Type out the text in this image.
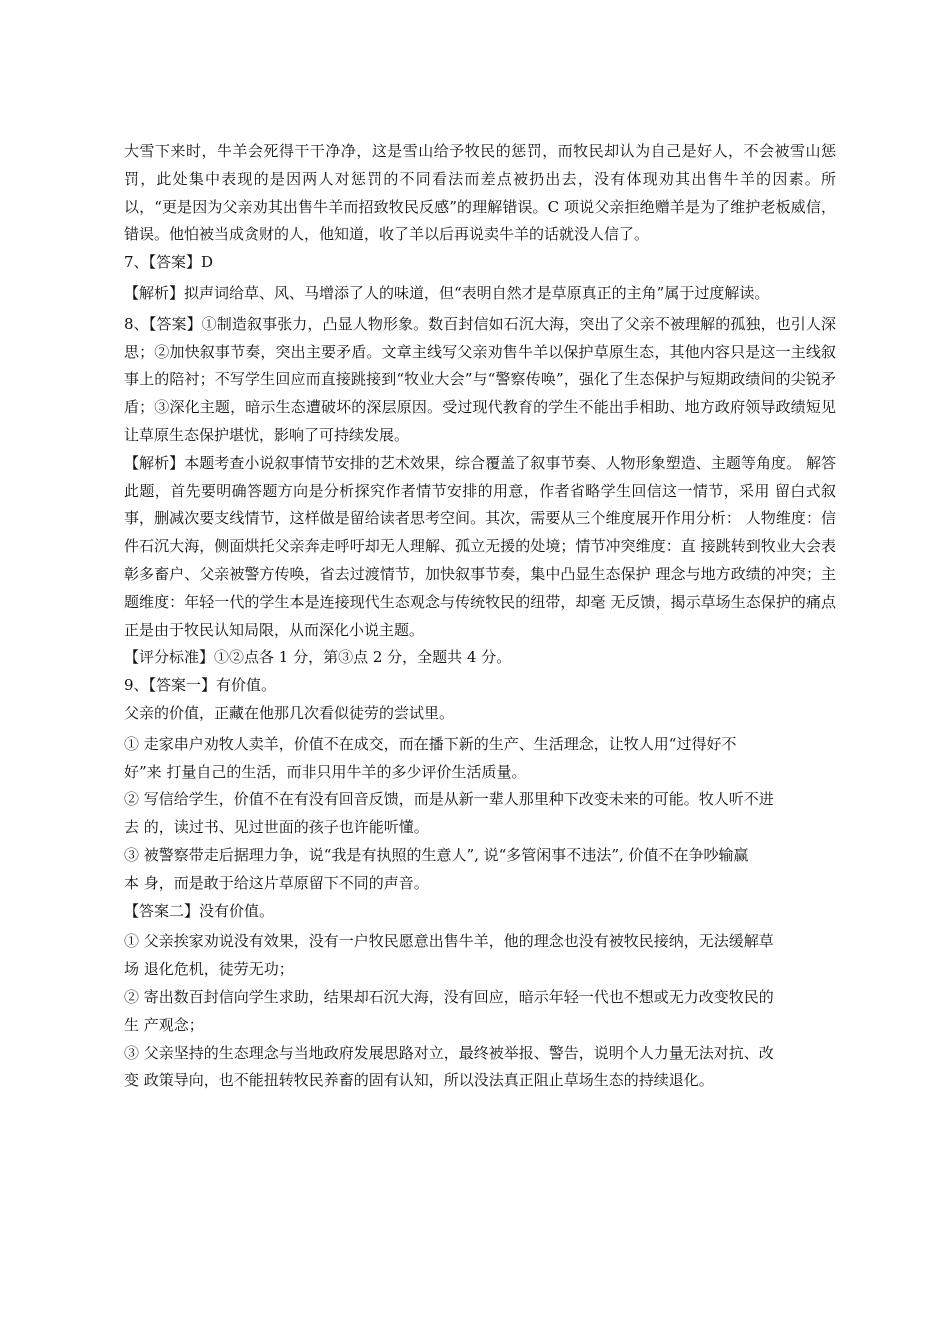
大雪下来时，牛羊会死得干干净净，这是雪山给予牧民的惩罚，而牧民却认为自己是好人，不会被雪山惩罚，此处集中表现的是因两人对惩罚的不同看法而差点被扔出去，没有体现劝其出售牛羊的因素。所以，“更是因为父亲劝其出售牛羊而招致牧民反感”的理解错误。C 项说父亲拒绝赠羊是为了维护老板威信，错误。他怕被当成贪财的人，他知道，收了羊以后再说卖牛羊的话就没人信了。

7、【答案】D

【解析】拟声词给草、风、马增添了人的味道，但“表明自然才是草原真正的主角”属于过度解读。

8、【答案】①制造叙事张力，凸显人物形象。数百封信如石沉大海，突出了父亲不被理解的孤独，也引人深思；②加快叙事节奏，突出主要矛盾。文章主线写父亲劝售牛羊以保护草原生态，其他内容只是这一主线叙事上的陪衬；不写学生回应而直接跳接到“牧业大会”与“警察传唤”，强化了生态保护与短期政绩间的尖锐矛盾；③深化主题，暗示生态遭破坏的深层原因。受过现代教育的学生不能出手相助、地方政府领导政绩短见让草原生态保护堪忧，影响了可持续发展。

【解析】本题考查小说叙事情节安排的艺术效果，综合覆盖了叙事节奏、人物形象塑造、主题等角度。 解答此题，首先要明确答题方向是分析探究作者情节安排的用意，作者省略学生回信这一情节，采用 留白式叙事，删减次要支线情节，这样做是留给读者思考空间。其次，需要从三个维度展开作用分析： 人物维度：信件石沉大海，侧面烘托父亲奔走呼吁却无人理解、孤立无援的处境；情节冲突维度：直 接跳转到牧业大会表彰多畜户、父亲被警方传唤，省去过渡情节，加快叙事节奏，集中凸显生态保护 理念与地方政绩的冲突；主题维度：年轻一代的学生本是连接现代生态观念与传统牧民的纽带，却毫 无反馈，揭示草场生态保护的痛点正是由于牧民认知局限，从而深化小说主题。

【评分标准】①②点各 1 分，第③点 2 分，全题共 4 分。

9、【答案一】有价值。

父亲的价值，正藏在他那几次看似徒劳的尝试里。

① 走家串户劝牧人卖羊，价值不在成交，而在播下新的生产、生活理念，让牧人用“过得好不
好”来 打量自己的生活，而非只用牛羊的多少评价生活质量。

② 写信给学生，价值不在有没有回音反馈，而是从新一辈人那里种下改变未来的可能。牧人听不进
去 的，读过书、见过世面的孩子也许能听懂。

③ 被警察带走后据理力争，说“我是有执照的生意人”, 说“多管闲事不违法”, 价值不在争吵输赢
本 身，而是敢于给这片草原留下不同的声音。

【答案二】没有价值。

① 父亲挨家劝说没有效果，没有一户牧民愿意出售牛羊，他的理念也没有被牧民接纳，无法缓解草
场 退化危机，徒劳无功；

② 寄出数百封信向学生求助，结果却石沉大海，没有回应，暗示年轻一代也不想或无力改变牧民的
生 产观念；

③ 父亲坚持的生态理念与当地政府发展思路对立，最终被举报、警告，说明个人力量无法对抗、改
变 政策导向，也不能扭转牧民养畜的固有认知，所以没法真正阻止草场生态的持续退化。
